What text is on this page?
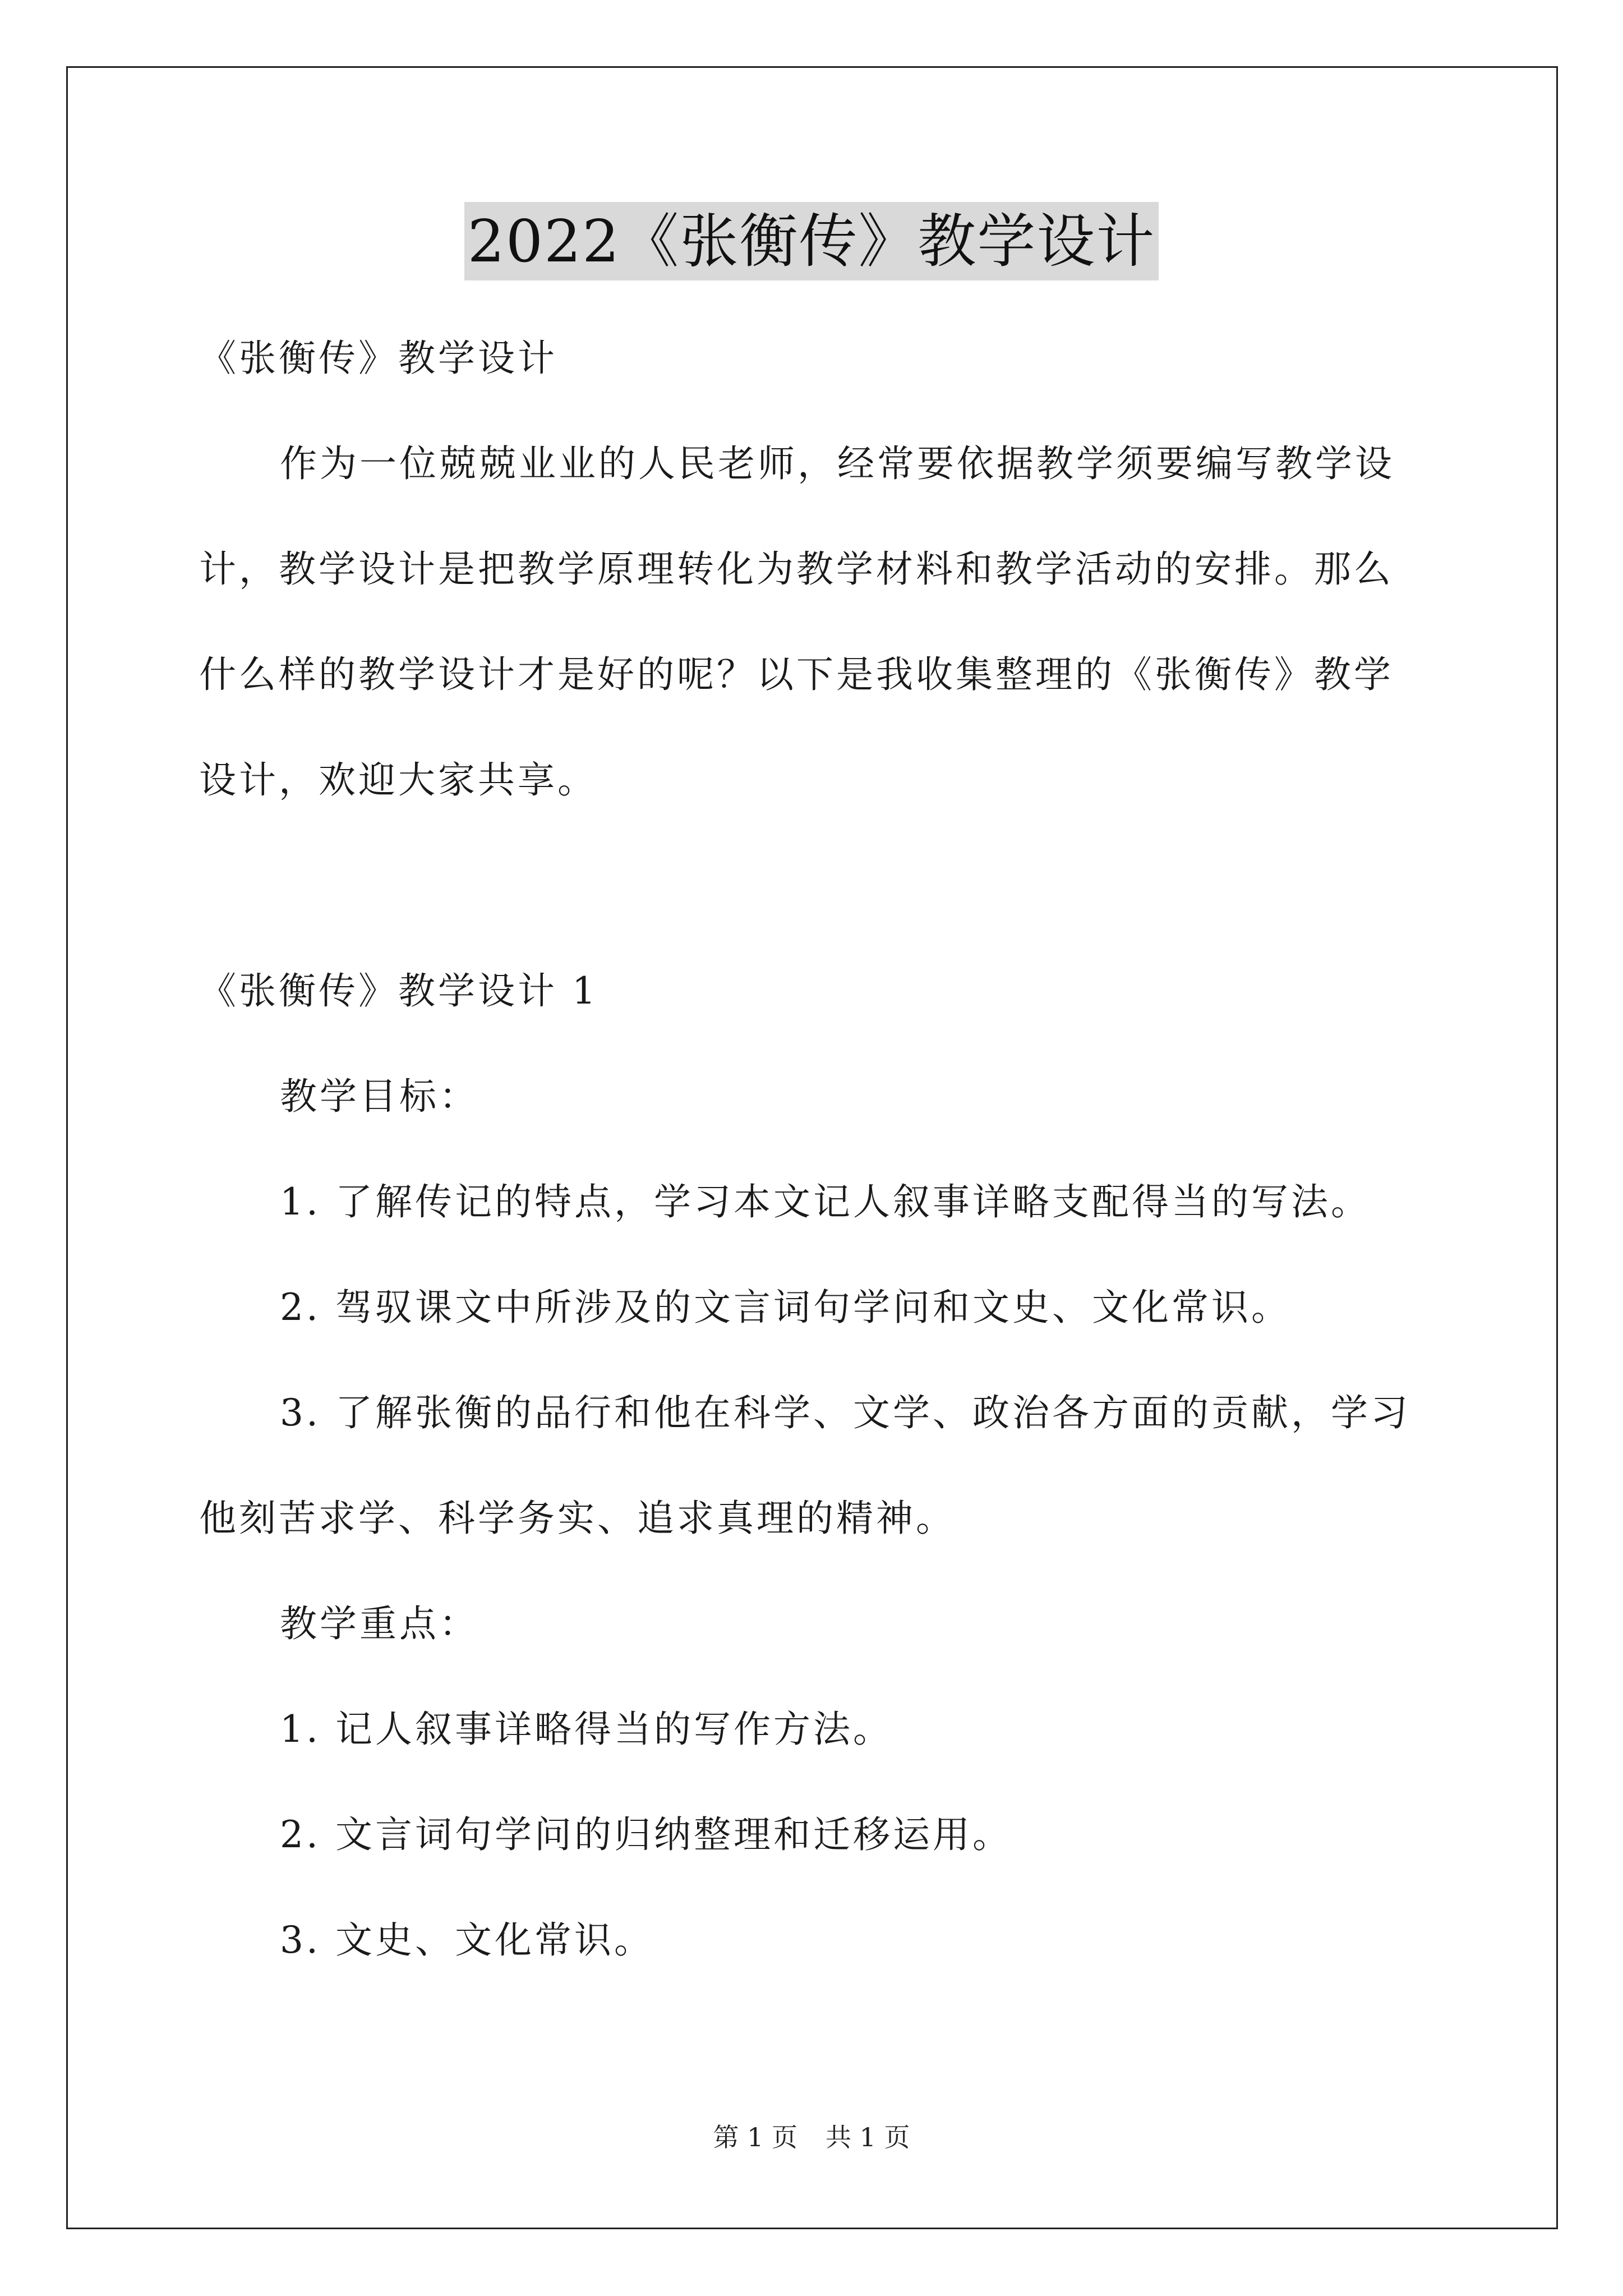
2022《张衡传》教学设计

《张衡传》教学设计

作为一位兢兢业业的人民老师，经常要依据教学须要编写教学设计，教学设计是把教学原理转化为教学材料和教学活动的安排。那么什么样的教学设计才是好的呢？以下是我收集整理的《张衡传》教学设计，欢迎大家共享。

《张衡传》教学设计 1

教学目标：

1. 了解传记的特点，学习本文记人叙事详略支配得当的写法。

2. 驾驭课文中所涉及的文言词句学问和文史、文化常识。

3. 了解张衡的品行和他在科学、文学、政治各方面的贡献，学习他刻苦求学、科学务实、追求真理的精神。

教学重点：

1. 记人叙事详略得当的写作方法。

2. 文言词句学问的归纳整理和迁移运用。

3. 文史、文化常识。

第 1 页 共 1 页
